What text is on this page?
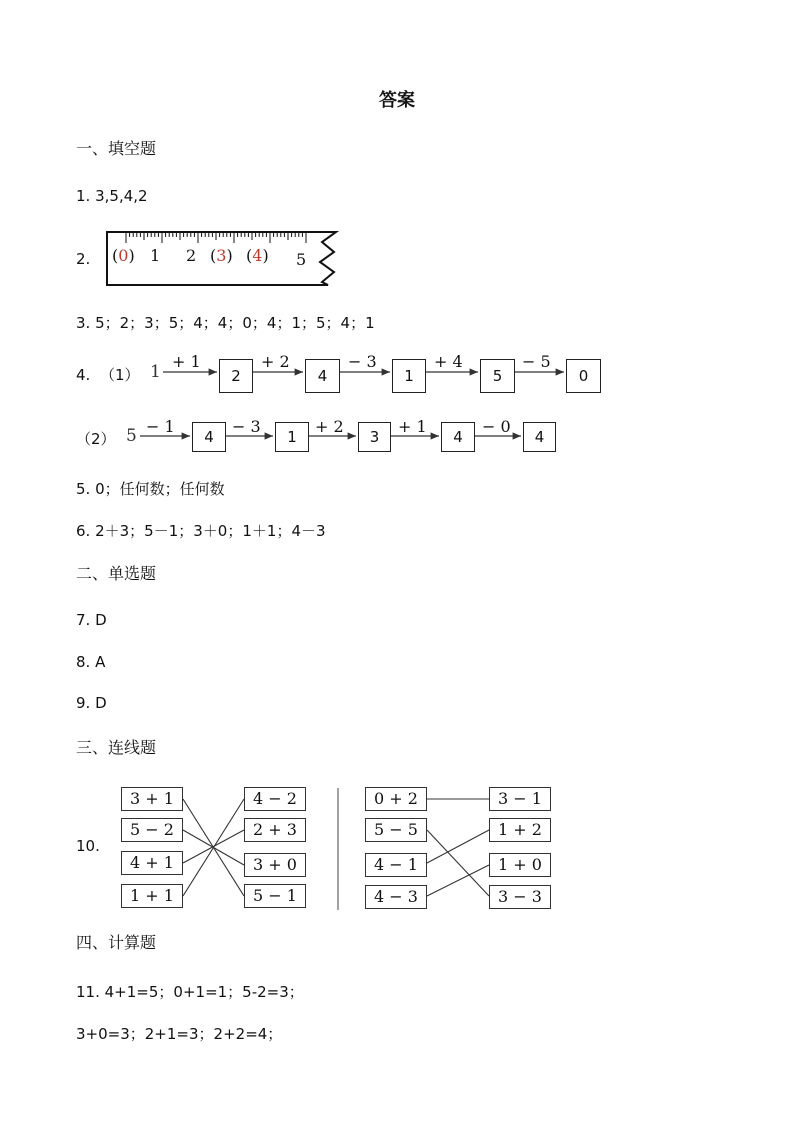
答案
一、填空题
1. 3,5,4,2
2. (0) 1 2 (3) (4) 5
3. 5；2；3；5；4；4；0；4；1；5；4；1
4. （1） 1
+ 1	+ 2	− 3	+ 4	− 5
2	4	1	5	0
（2） 5 − 1	− 3	+ 2	+ 1	− 0
4	1	3	4	4
5. 0；任何数；任何数
6. 2＋3；5－1；3＋0；1＋1；4－3
二、单选题
7. D
8. A
9. D
三、连线题
10.
3 + 1
5 − 2
4 + 1
1 + 1
4 − 2
2 + 3
3 + 0
5 − 1
0 + 2
5 − 5
4 − 1
4 − 3
3 − 1
1 + 2
1 + 0
3 − 3
四、计算题
11. 4+1=5；0+1=1；5-2=3；
3+0=3；2+1=3；2+2=4；
